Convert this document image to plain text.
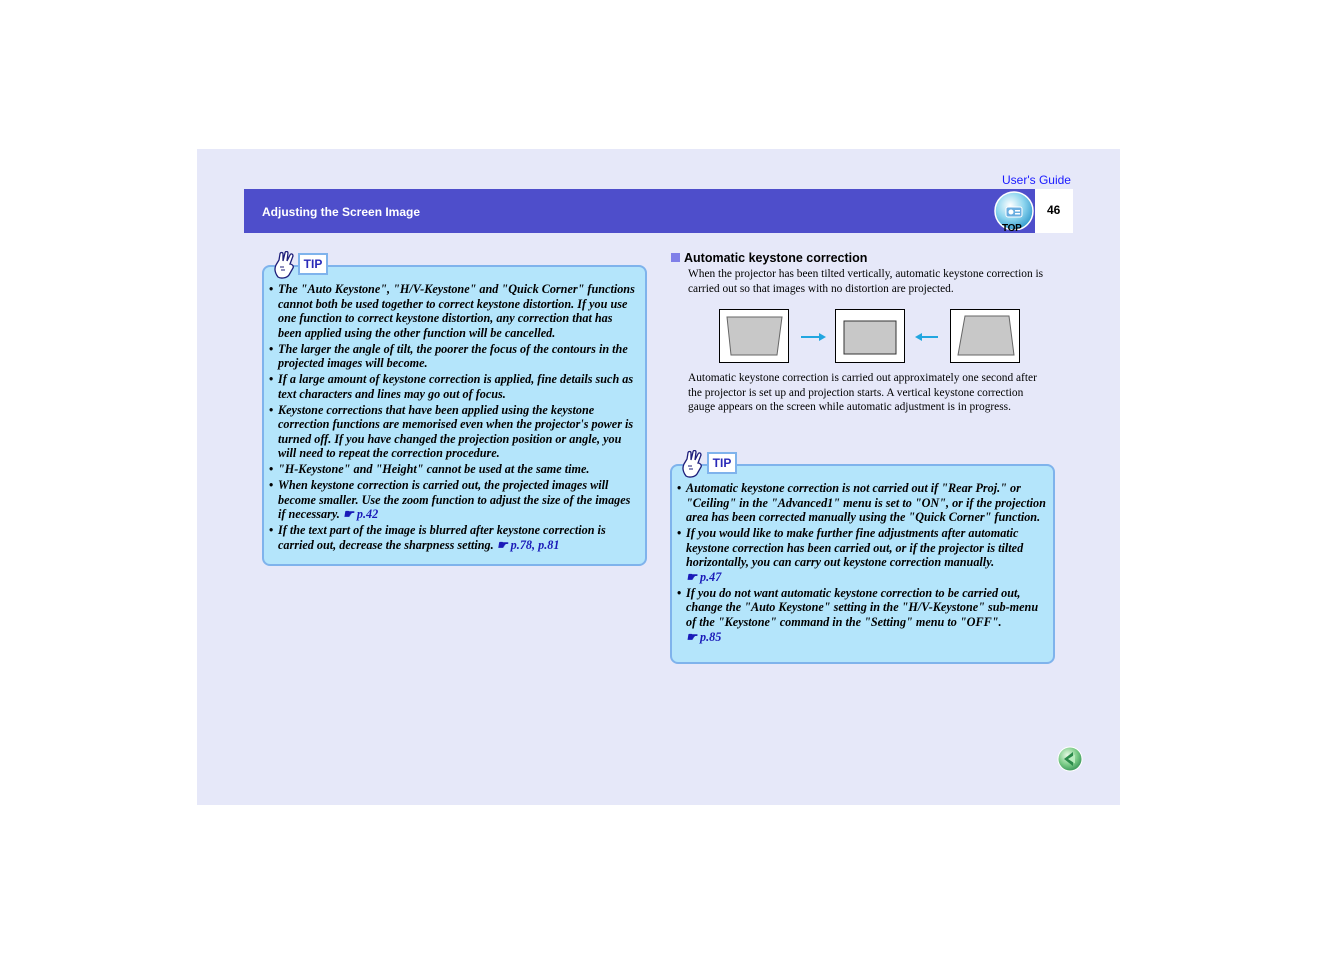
User's Guide
Adjusting the Screen Image
TOP
46
• The "Auto Keystone", "H/V-Keystone" and "Quick Corner" functions cannot both be used together to correct keystone distortion. If you use one function to correct keystone distortion, any correction that has been applied using the other function will be cancelled.
• The larger the angle of tilt, the poorer the focus of the contours in the projected images will become.
• If a large amount of keystone correction is applied, fine details such as text characters and lines may go out of focus.
• Keystone corrections that have been applied using the keystone correction functions are memorised even when the projector's power is turned off. If you have changed the projection position or angle, you will need to repeat the correction procedure.
• "H-Keystone" and "Height" cannot be used at the same time.
• When keystone correction is carried out, the projected images will become smaller. Use the zoom function to adjust the size of the images if necessary. ☛ p.42
• If the text part of the image is blurred after keystone correction is carried out, decrease the sharpness setting. ☛ p.78, p.81
TIP	Automatic keystone correction
When the projector has been tilted vertically, automatic keystone correction is carried out so that images with no distortion are projected.
Automatic keystone correction is carried out approximately one second after the projector is set up and projection starts. A vertical keystone correction gauge appears on the screen while automatic adjustment is in progress.
• Automatic keystone correction is not carried out if "Rear Proj." or "Ceiling" in the "Advanced1" menu is set to "ON", or if the projection area has been corrected manually using the "Quick Corner" function.
• If you would like to make further fine adjustments after automatic keystone correction has been carried out, or if the projector is tilted horizontally, you can carry out keystone correction manually.
☛ p.47
• If you do not want automatic keystone correction to be carried out, change the "Auto Keystone" setting in the "H/V-Keystone" sub-menu of the "Keystone" command in the "Setting" menu to "OFF".
☛ p.85
TIP
